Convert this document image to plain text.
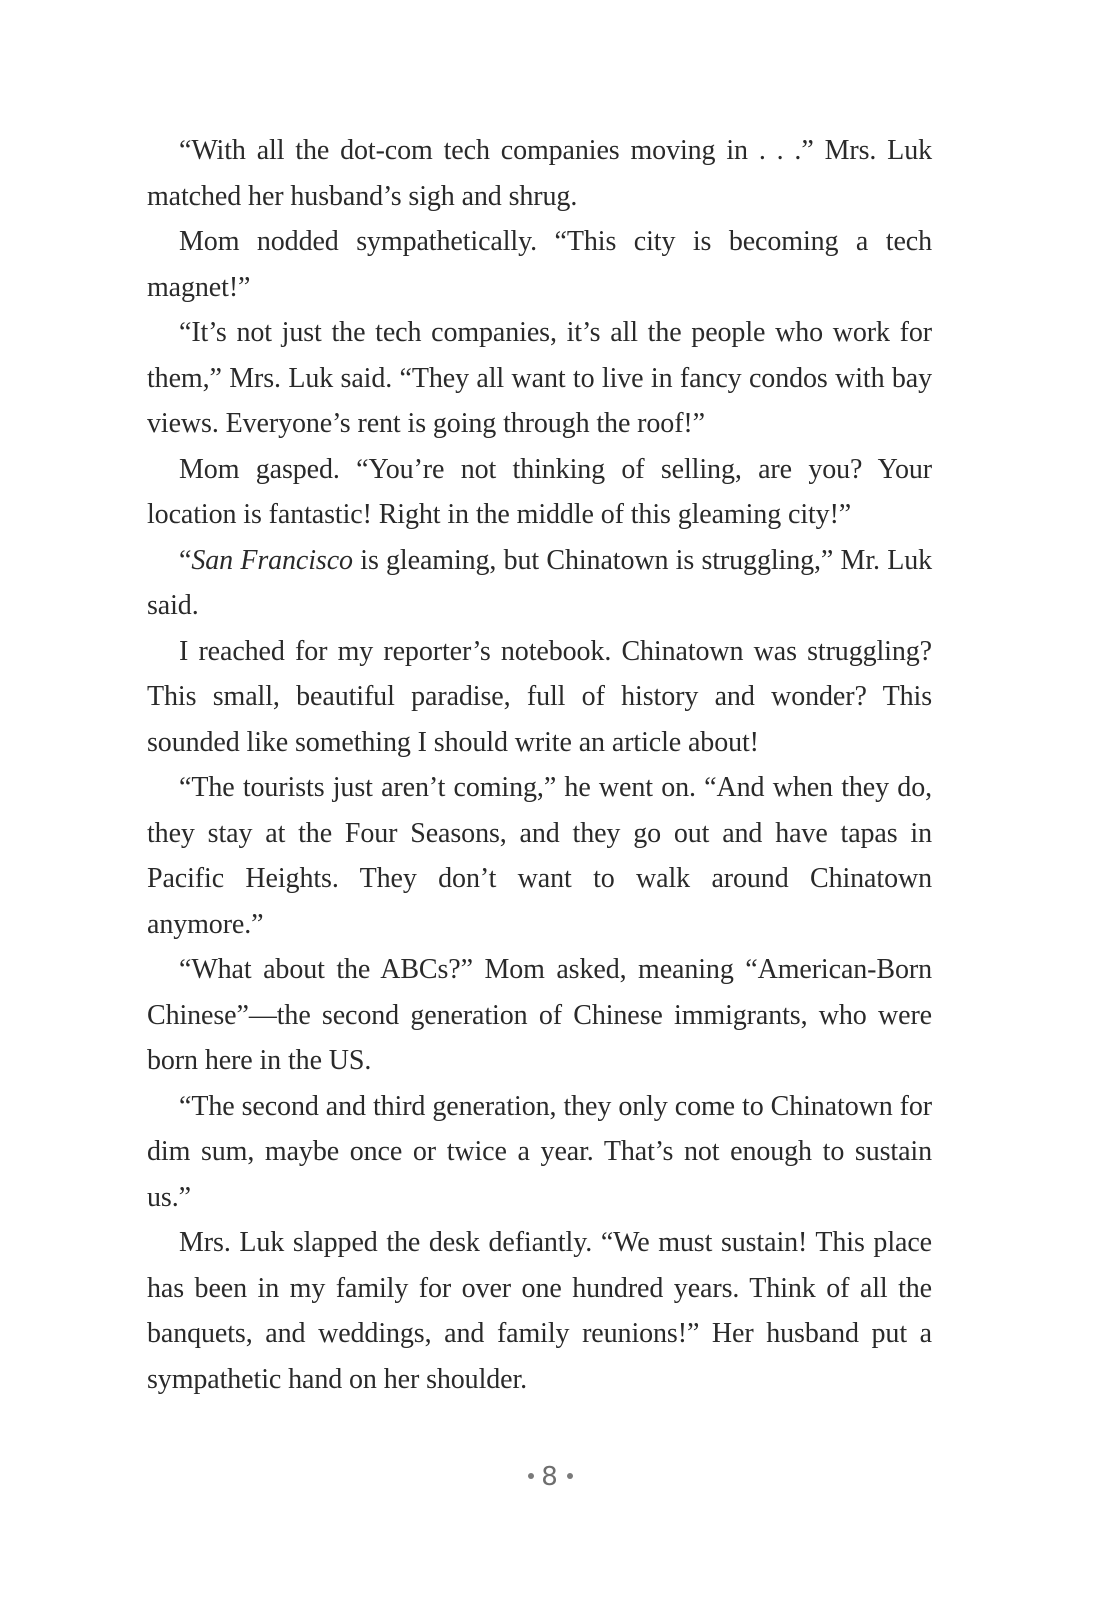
“With all the dot-com tech companies moving in . . .” Mrs. Luk matched her husband’s sigh and shrug.

Mom nodded sympathetically. “This city is becoming a tech magnet!”

“It’s not just the tech companies, it’s all the people who work for them,” Mrs. Luk said. “They all want to live in fancy condos with bay views. Everyone’s rent is going through the roof!”

Mom gasped. “You’re not thinking of selling, are you? Your location is fantastic! Right in the middle of this gleaming city!”

“San Francisco is gleaming, but Chinatown is struggling,” Mr. Luk said.

I reached for my reporter’s notebook. Chinatown was struggling? This small, beautiful paradise, full of history and wonder? This sounded like something I should write an article about!

“The tourists just aren’t coming,” he went on. “And when they do, they stay at the Four Seasons, and they go out and have tapas in Pacific Heights. They don’t want to walk around Chinatown anymore.”

“What about the ABCs?” Mom asked, meaning “American-Born Chinese”—the second generation of Chinese immigrants, who were born here in the US.

“The second and third generation, they only come to Chinatown for dim sum, maybe once or twice a year. That’s not enough to sustain us.”

Mrs. Luk slapped the desk defiantly. “We must sustain! This place has been in my family for over one hundred years. Think of all the banquets, and weddings, and family reunions!” Her husband put a sympathetic hand on her shoulder.

8
